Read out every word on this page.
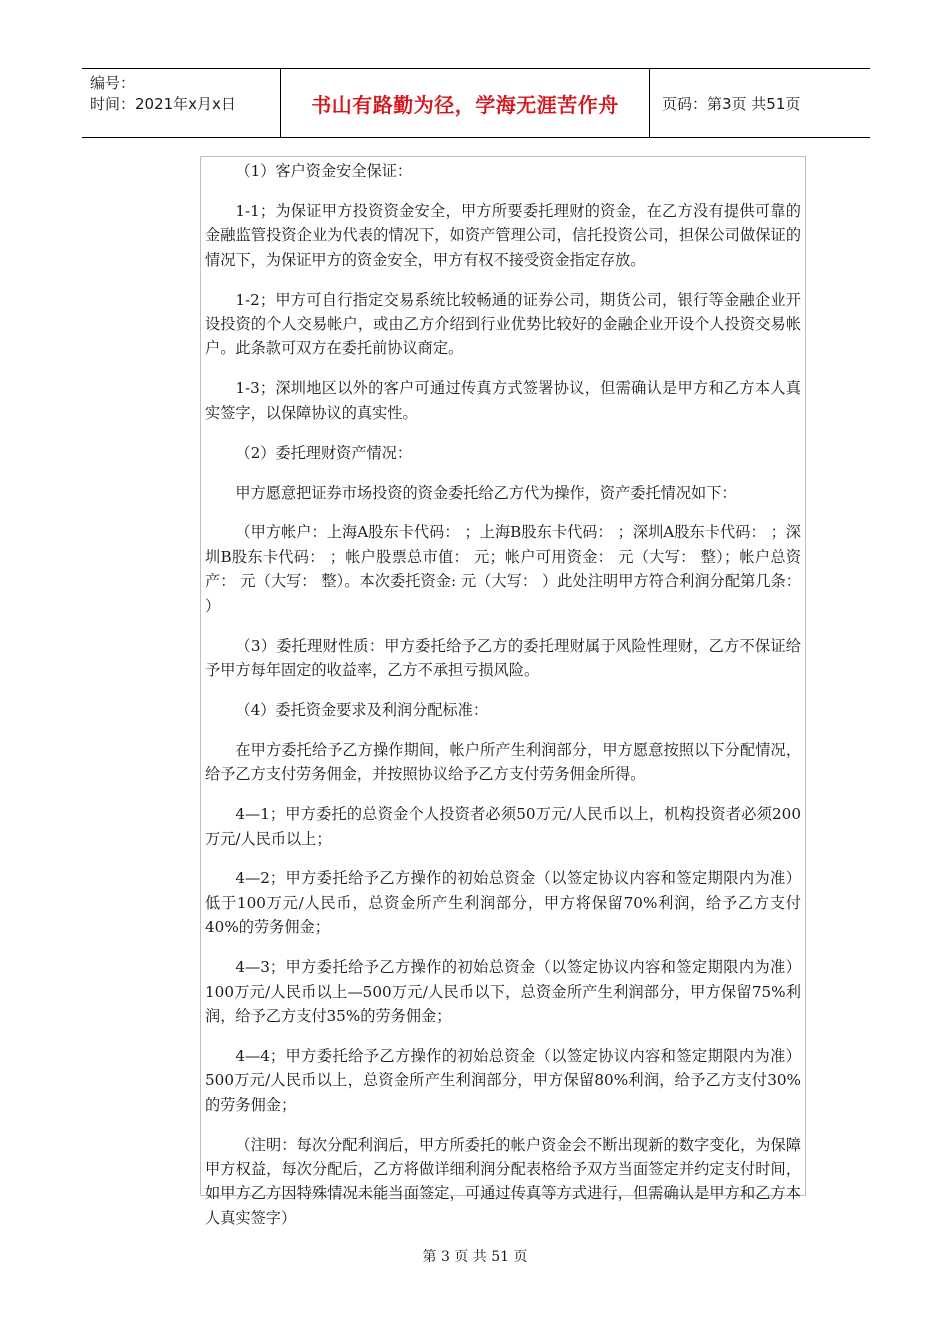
编号：
时间：2021年x月x日	书山有路勤为径，学海无涯苦作舟	页码：第3页 共51页

（1）客户资金安全保证：

1-1；为保证甲方投资资金安全，甲方所要委托理财的资金，在乙方没有提供可靠的金融监管投资企业为代表的情况下，如资产管理公司，信托投资公司，担保公司做保证的情况下，为保证甲方的资金安全，甲方有权不接受资金指定存放。

1-2；甲方可自行指定交易系统比较畅通的证券公司，期货公司，银行等金融企业开设投资的个人交易帐户，或由乙方介绍到行业优势比较好的金融企业开设个人投资交易帐户。此条款可双方在委托前协议商定。

1-3；深圳地区以外的客户可通过传真方式签署协议，但需确认是甲方和乙方本人真实签字，以保障协议的真实性。

（2）委托理财资产情况：

甲方愿意把证券市场投资的资金委托给乙方代为操作，资产委托情况如下：

（甲方帐户：上海A股东卡代码： ；上海B股东卡代码： ；深圳A股东卡代码： ；深圳B股东卡代码： ；帐户股票总市值： 元；帐户可用资金： 元（大写： 整）；帐户总资产： 元（大写： 整）。本次委托资金: 元（大写： ）此处注明甲方符合利润分配第几条： ）

（3）委托理财性质：甲方委托给予乙方的委托理财属于风险性理财，乙方不保证给予甲方每年固定的收益率，乙方不承担亏损风险。

（4）委托资金要求及利润分配标准：

在甲方委托给予乙方操作期间，帐户所产生利润部分，甲方愿意按照以下分配情况，给予乙方支付劳务佣金，并按照协议给予乙方支付劳务佣金所得。

4—1；甲方委托的总资金个人投资者必须50万元/人民币以上，机构投资者必须200万元/人民币以上；

4—2；甲方委托给予乙方操作的初始总资金（以签定协议内容和签定期限内为准）低于100万元/人民币，总资金所产生利润部分，甲方将保留70%利润，给予乙方支付40%的劳务佣金；

4—3；甲方委托给予乙方操作的初始总资金（以签定协议内容和签定期限内为准）100万元/人民币以上—500万元/人民币以下，总资金所产生利润部分，甲方保留75%利润，给予乙方支付35%的劳务佣金；

4—4；甲方委托给予乙方操作的初始总资金（以签定协议内容和签定期限内为准）500万元/人民币以上，总资金所产生利润部分，甲方保留80%利润，给予乙方支付30%的劳务佣金；

（注明：每次分配利润后，甲方所委托的帐户资金会不断出现新的数字变化，为保障甲方权益，每次分配后，乙方将做详细利润分配表格给予双方当面签定并约定支付时间，如甲方乙方因特殊情况未能当面签定，可通过传真等方式进行，但需确认是甲方和乙方本人真实签字）

第 3 页 共 51 页
